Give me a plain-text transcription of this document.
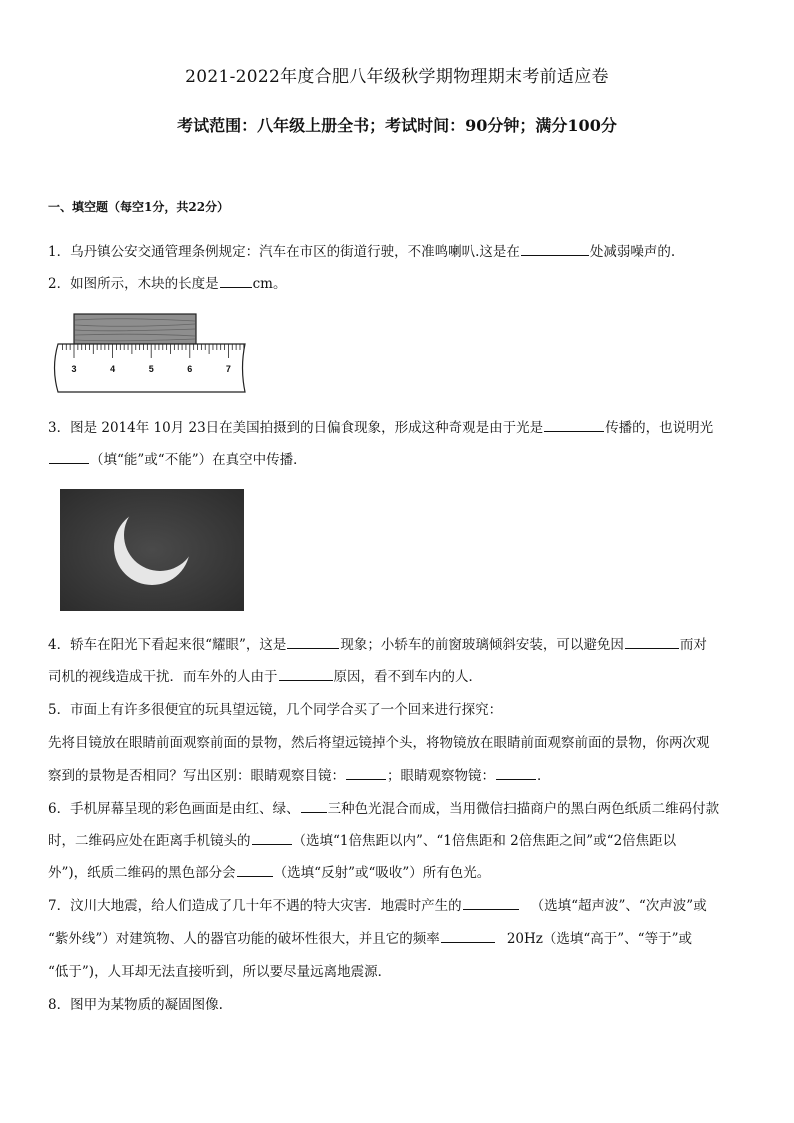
2021-2022年度合肥八年级秋学期物理期末考前适应卷
考试范围：八年级上册全书；考试时间：90分钟；满分100分
一、填空题（每空1分，共22分）
1．乌丹镇公安交通管理条例规定：汽车在市区的街道行驶，不准鸣喇叭.这是在	处减弱噪声的.
2．如图所示，木块的长度是	cm。
3	4	5	6	7
3．图是 2014年 10月 23日在美国拍摄到的日偏食现象，形成这种奇观是由于光是	传播的，也说明光
（填“能”或“不能”）在真空中传播．
4．轿车在阳光下看起来很“耀眼”，这是	现象；小轿车的前窗玻璃倾斜安装，可以避免因	而对
司机的视线造成干扰．而车外的人由于	原因，看不到车内的人．
5．市面上有许多很便宜的玩具望远镜，几个同学合买了一个回来进行探究：
先将目镜放在眼睛前面观察前面的景物，然后将望远镜掉个头，将物镜放在眼睛前面观察前面的景物，你两次观
察到的景物是否相同？写出区别：眼睛观察目镜：	；眼睛观察物镜：	．
6．手机屏幕呈现的彩色画面是由红、绿、 三种色光混合而成，当用微信扫描商户的黑白两色纸质二维码付款
时，二维码应处在距离手机镜头的	（选填“1倍焦距以内”、“1倍焦距和 2倍焦距之间”或“2倍焦距以
外”)，纸质二维码的黑色部分会	（选填“反射”或“吸收”）所有色光。
7．汶川大地震，给人们造成了几十年不遇的特大灾害．地震时产生的	（选填“超声波”、“次声波”或
“紫外线”）对建筑物、人的器官功能的破坏性很大，并且它的频率	20Hz（选填“高于”、“等于”或
“低于”)，人耳却无法直接听到，所以要尽量远离地震源．
8．图甲为某物质的凝固图像.
